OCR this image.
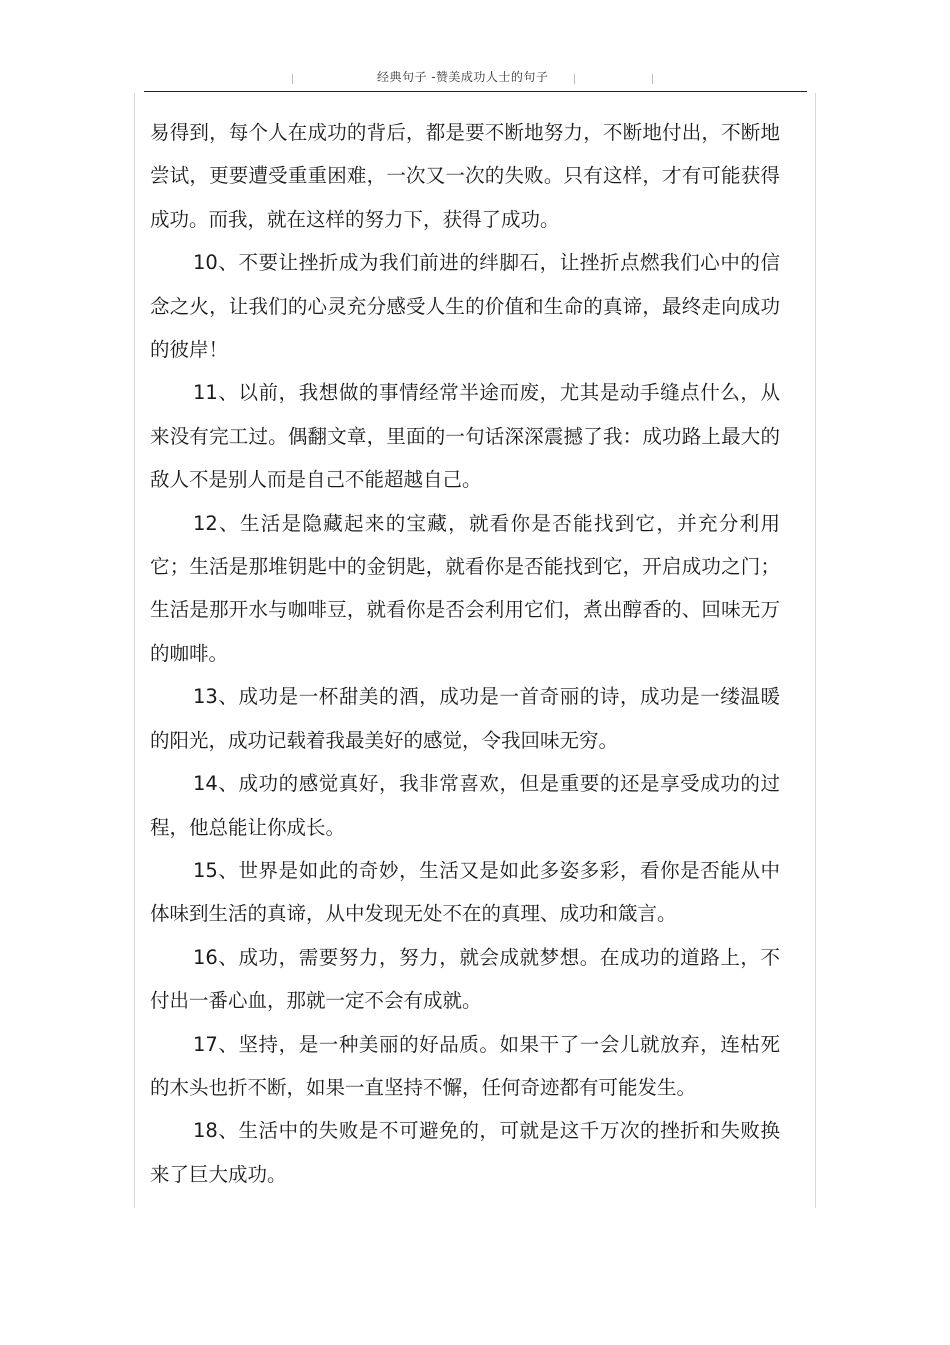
经典句子 -赞美成功人士的句子

易得到，每个人在成功的背后，都是要不断地努力，不断地付出，不断地尝试，更要遭受重重困难，一次又一次的失败。只有这样，才有可能获得成功。而我，就在这样的努力下，获得了成功。

10、不要让挫折成为我们前进的绊脚石，让挫折点燃我们心中的信念之火，让我们的心灵充分感受人生的价值和生命的真谛，最终走向成功的彼岸！

11、以前，我想做的事情经常半途而废，尤其是动手缝点什么，从来没有完工过。偶翻文章，里面的一句话深深震撼了我：成功路上最大的敌人不是别人而是自己不能超越自己。

12、生活是隐藏起来的宝藏，就看你是否能找到它，并充分利用它；生活是那堆钥匙中的金钥匙，就看你是否能找到它，开启成功之门；生活是那开水与咖啡豆，就看你是否会利用它们，煮出醇香的、回味无万的咖啡。

13、成功是一杯甜美的酒，成功是一首奇丽的诗，成功是一缕温暖的阳光，成功记载着我最美好的感觉，令我回味无穷。

14、成功的感觉真好，我非常喜欢，但是重要的还是享受成功的过程，他总能让你成长。

15、世界是如此的奇妙，生活又是如此多姿多彩，看你是否能从中体味到生活的真谛，从中发现无处不在的真理、成功和箴言。

16、成功，需要努力，努力，就会成就梦想。在成功的道路上，不付出一番心血，那就一定不会有成就。

17、坚持，是一种美丽的好品质。如果干了一会儿就放弃，连枯死的木头也折不断，如果一直坚持不懈，任何奇迹都有可能发生。

18、生活中的失败是不可避免的，可就是这千万次的挫折和失败换来了巨大成功。
